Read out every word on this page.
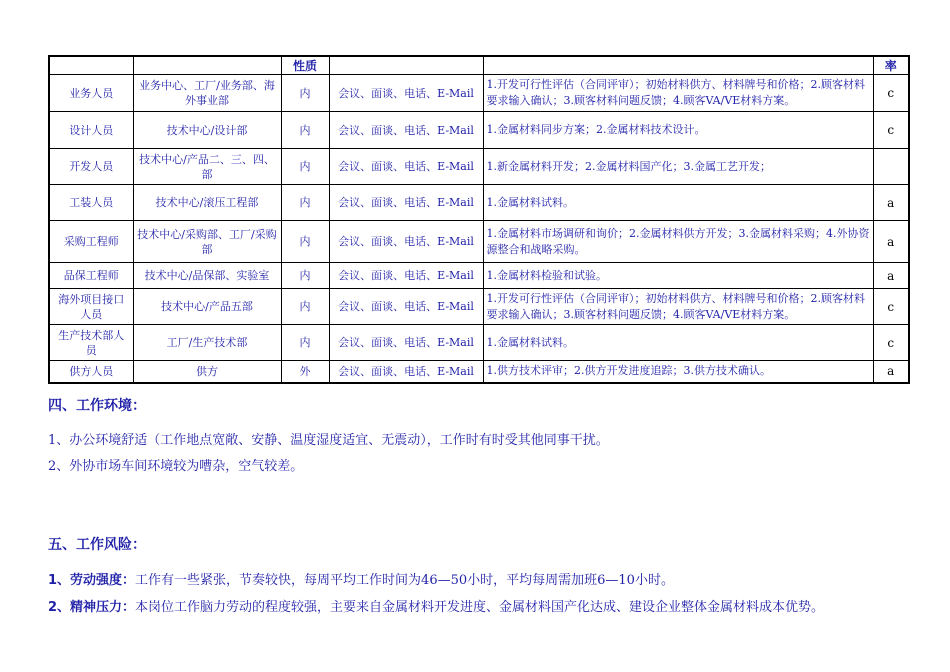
		性质			率
业务人员	业务中心、工厂/业务部、海外事业部	内	会议、面谈、电话、E-Mail	1.开发可行性评估（合同评审）；初始材料供方、材料牌号和价格；2.顾客材料要求输入确认；3.顾客材料问题反馈；4.顾客VA/VE材料方案。	c
设计人员	技术中心/设计部	内	会议、面谈、电话、E-Mail	1.金属材料同步方案；2.金属材料技术设计。	c
开发人员	技术中心/产品二、三、四、部	内	会议、面谈、电话、E-Mail	1.新金属材料开发；2.金属材料国产化；3.金属工艺开发；	
工装人员	技术中心/滚压工程部	内	会议、面谈、电话、E-Mail	1.金属材料试料。	a
采购工程师	技术中心/采购部、工厂/采购部	内	会议、面谈、电话、E-Mail	1.金属材料市场调研和询价；2.金属材料供方开发；3.金属材料采购；4.外协资源整合和战略采购。	a
品保工程师	技术中心/品保部、实验室	内	会议、面谈、电话、E-Mail	1.金属材料检验和试验。	a
海外项目接口人员	技术中心/产品五部	内	会议、面谈、电话、E-Mail	1.开发可行性评估（合同评审）；初始材料供方、材料牌号和价格；2.顾客材料要求输入确认；3.顾客材料问题反馈；4.顾客VA/VE材料方案。	c
生产技术部人员	工厂/生产技术部	内	会议、面谈、电话、E-Mail	1.金属材料试料。	c
供方人员	供方	外	会议、面谈、电话、E-Mail	1.供方技术评审；2.供方开发进度追踪；3.供方技术确认。	a
四、工作环境：

1、办公环境舒适（工作地点宽敞、安静、温度湿度适宜、无震动），工作时有时受其他同事干扰。

2、外协市场车间环境较为嘈杂，空气较差。

五、工作风险：

1、劳动强度：工作有一些紧张，节奏较快，每周平均工作时间为46—50小时，平均每周需加班6—10小时。

2、精神压力：本岗位工作脑力劳动的程度较强，主要来自金属材料开发进度、金属材料国产化达成、建设企业整体金属材料成本优势。
